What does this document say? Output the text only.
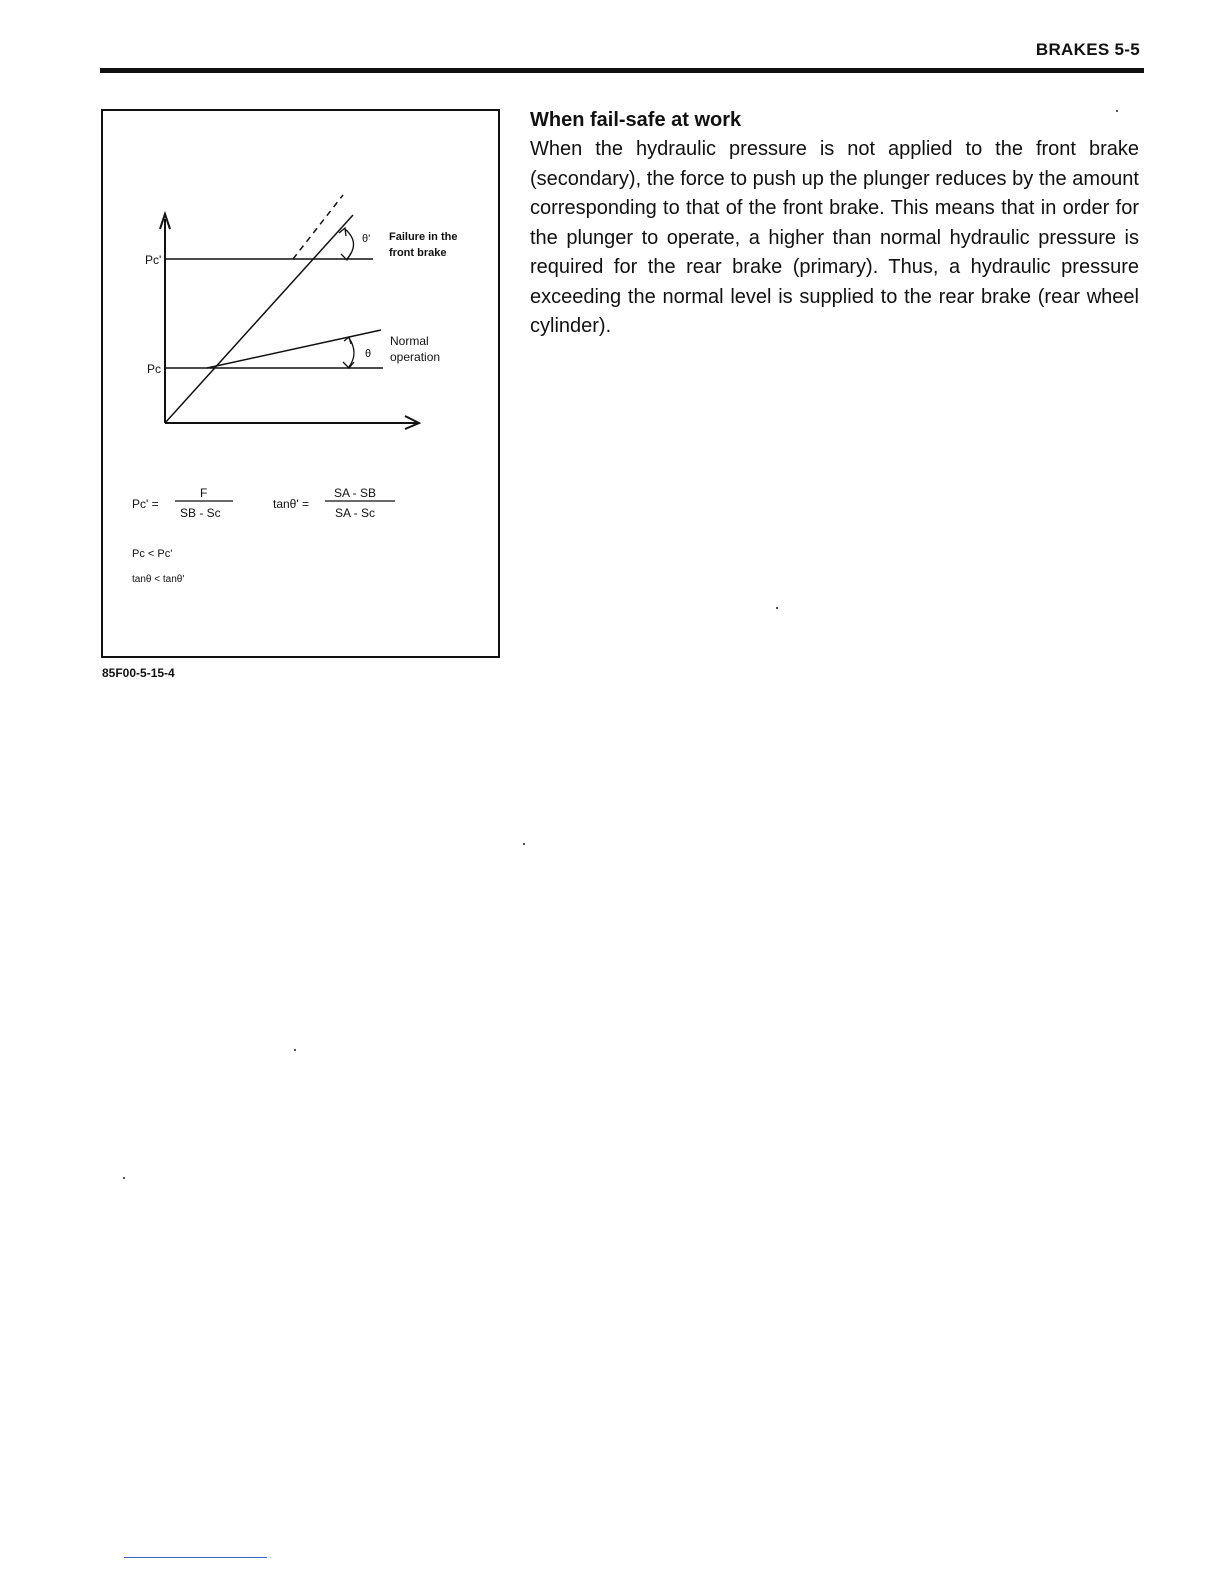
BRAKES 5-5
Pc'
Pc
θ'
θ
Failure in the
front brake
Normal
operation
Pc' =
F
SB - Sc
tanθ' =
SA - SB
SA - Sc
Pc < Pc'
tanθ < tanθ'
85F00-5-15-4
When fail-safe at work
When the hydraulic pressure is not applied to the front brake (secondary), the force to push up the plunger reduces by the amount corresponding to that of the front brake. This means that in order for the plunger to operate, a higher than normal hydraulic pressure is required for the rear brake (primary). Thus, a hydraulic pressure exceeding the normal level is supplied to the rear brake (rear wheel cylinder).
